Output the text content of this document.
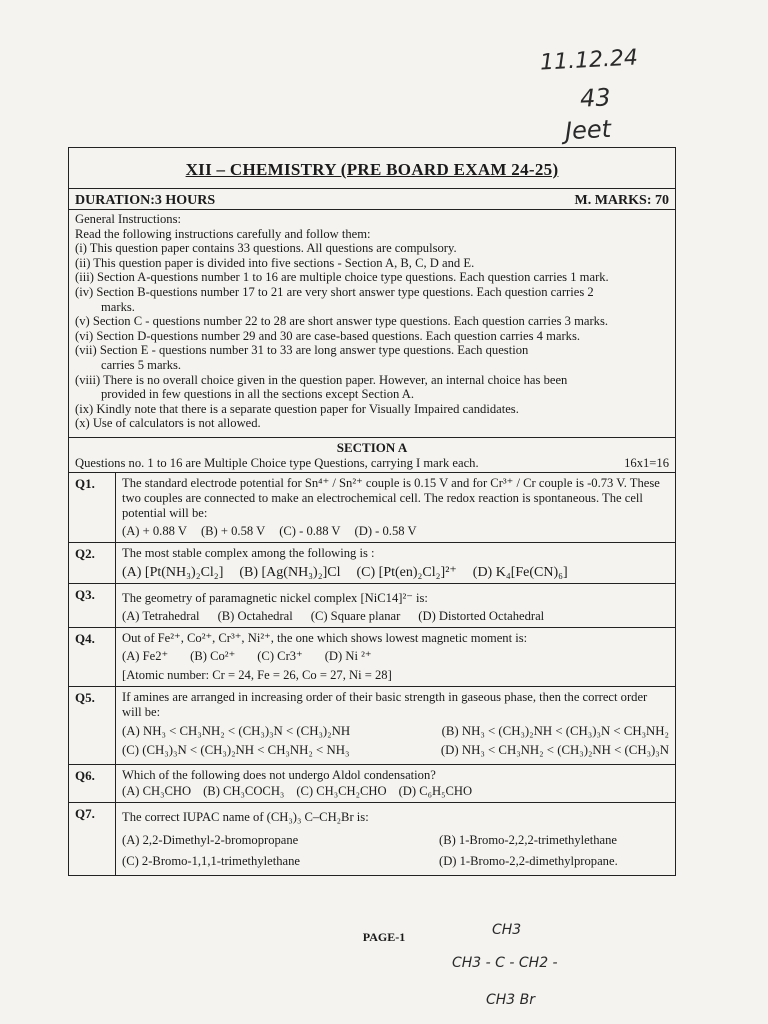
11.12.24
43
Jeet
XII – CHEMISTRY (PRE BOARD EXAM 24-25)
DURATION:3 HOURS	M. MARKS: 70
General Instructions:
Read the following instructions carefully and follow them:
(i) This question paper contains 33 questions. All questions are compulsory.
(ii) This question paper is divided into five sections - Section A, B, C, D and E.
(iii) Section A-questions number 1 to 16 are multiple choice type questions. Each question carries 1 mark.
(iv) Section B-questions number 17 to 21 are very short answer type questions. Each question carries 2
marks.
(v) Section C - questions number 22 to 28 are short answer type questions. Each question carries 3 marks.
(vi) Section D-questions number 29 and 30 are case-based questions. Each question carries 4 marks.
(vii) Section E - questions number 31 to 33 are long answer type questions. Each question
carries 5 marks.
(viii) There is no overall choice given in the question paper. However, an internal choice has been
provided in few questions in all the sections except Section A.
(ix) Kindly note that there is a separate question paper for Visually Impaired candidates.
(x) Use of calculators is not allowed.
SECTION A
Questions no. 1 to 16 are Multiple Choice type Questions, carrying I mark each.	16x1=16
Q1.	The standard electrode potential for Sn⁴⁺ / Sn²⁺ couple is 0.15 V and for Cr³⁺ / Cr couple is -0.73 V. These two couples are connected to make an electrochemical cell. The redox reaction is spontaneous. The cell potential will be:
(A) + 0.88 V (B) + 0.58 V (C) - 0.88 V (D) - 0.58 V
Q2.	The most stable complex among the following is :
(A) [Pt(NH₃)₂Cl₂] (B) [Ag(NH₃)₂]Cl (C) [Pt(en)₂Cl₂]²⁺ (D) K₄[Fe(CN)₆]
Q3.	The geometry of paramagnetic nickel complex [NiC14]²⁻ is:
(A) Tetrahedral (B) Octahedral (C) Square planar (D) Distorted Octahedral
Q4.	Out of Fe²⁺, Co²⁺, Cr³⁺, Ni²⁺, the one which shows lowest magnetic moment is:
(A) Fe2⁺ (B) Co²⁺ (C) Cr3⁺ (D) Ni ²⁺
[Atomic number: Cr = 24, Fe = 26, Co = 27, Ni = 28]
Q5.	If amines are arranged in increasing order of their basic strength in gaseous phase, then the correct order will be:
(A) NH₃ < CH₃NH₂ < (CH₃)₃N < (CH₃)₂NH	(B) NH₃ < (CH₃)₂NH < (CH₃)₃N < CH₃NH₂
(C) (CH₃)₃N < (CH₃)₂NH < CH₃NH₂ < NH₃	(D) NH₃ < CH₃NH₂ < (CH₃)₂NH < (CH₃)₃N
Q6.	Which of the following does not undergo Aldol condensation?
(A) CH₃CHO (B) CH₃COCH₃ (C) CH₃CH₂CHO (D) C₆H₅CHO
Q7.	The correct IUPAC name of (CH₃)₃ C–CH₂Br is:
(A) 2,2-Dimethyl-2-bromopropane	(B) 1-Bromo-2,2,2-trimethylethane
(C) 2-Bromo-1,1,1-trimethylethane	(D) 1-Bromo-2,2-dimethylpropane.
PAGE-1	CH3
CH3 - C - CH2 -
CH3 Br
